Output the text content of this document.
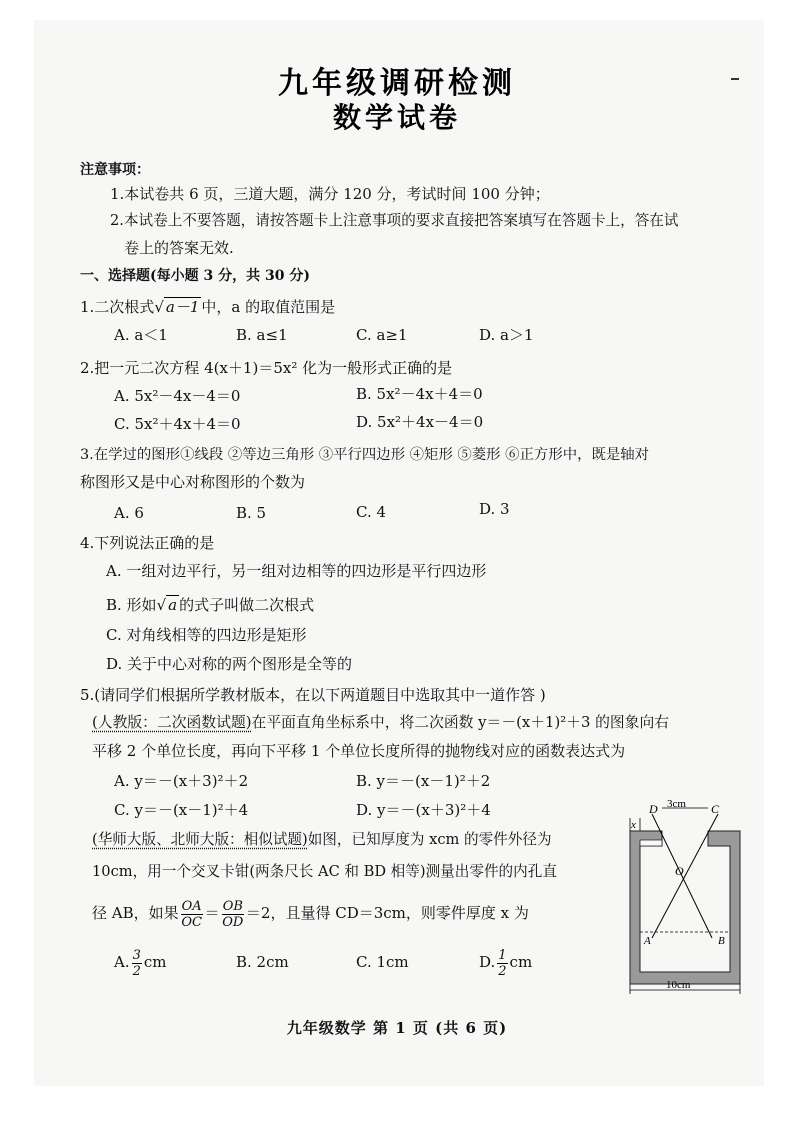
九年级调研检测
数学试卷
注意事项：
1.本试卷共 6 页，三道大题，满分 120 分，考试时间 100 分钟；
2.本试卷上不要答题，请按答题卡上注意事项的要求直接把答案填写在答题卡上，答在试
卷上的答案无效.
一、选择题(每小题 3 分，共 30 分)
1.二次根式 √ a－1 中，a 的取值范围是
A. a＜1	B. a≤1	C. a≥1	D. a＞1
2.把一元二次方程 4(x＋1)＝5x² 化为一般形式正确的是
A. 5x²－4x－4＝0	B. 5x²－4x＋4＝0
C. 5x²＋4x＋4＝0	D. 5x²＋4x－4＝0
3.在学过的图形①线段 ②等边三角形 ③平行四边形 ④矩形 ⑤菱形 ⑥正方形中，既是轴对
称图形又是中心对称图形的个数为
A. 6	B. 5	C. 4	D. 3
4.下列说法正确的是
A. 一组对边平行，另一组对边相等的四边形是平行四边形
B. 形如 √ a 的式子叫做二次根式
C. 对角线相等的四边形是矩形
D. 关于中心对称的两个图形是全等的
5.(请同学们根据所学教材版本，在以下两道题目中选取其中一道作答 )
(人教版：二次函数试题)在平面直角坐标系中，将二次函数 y＝－(x＋1)²＋3 的图象向右
平移 2 个单位长度，再向下平移 1 个单位长度所得的抛物线对应的函数表达式为
A. y＝－(x＋3)²＋2	B. y＝－(x－1)²＋2
C. y＝－(x－1)²＋4	D. y＝－(x＋3)²＋4
(华师大版、北师大版：相似试题)如图，已知厚度为 xcm 的零件外径为
10cm，用一个交叉卡钳(两条尺长 AC 和 BD 相等)测量出零件的内孔直
径 AB，如果 $\frac{OA}{OC} = \frac{OB}{OD} =2$，且量得 CD＝3cm，则零件厚度 x 为
A. $\frac{3}{2}$ cm	B. 2cm	C. 1cm	D. $\frac{1}{2}$ cm
D	C
3cm
x
O
A	B
10cm
九年级数学 第 1 页 (共 6 页)
